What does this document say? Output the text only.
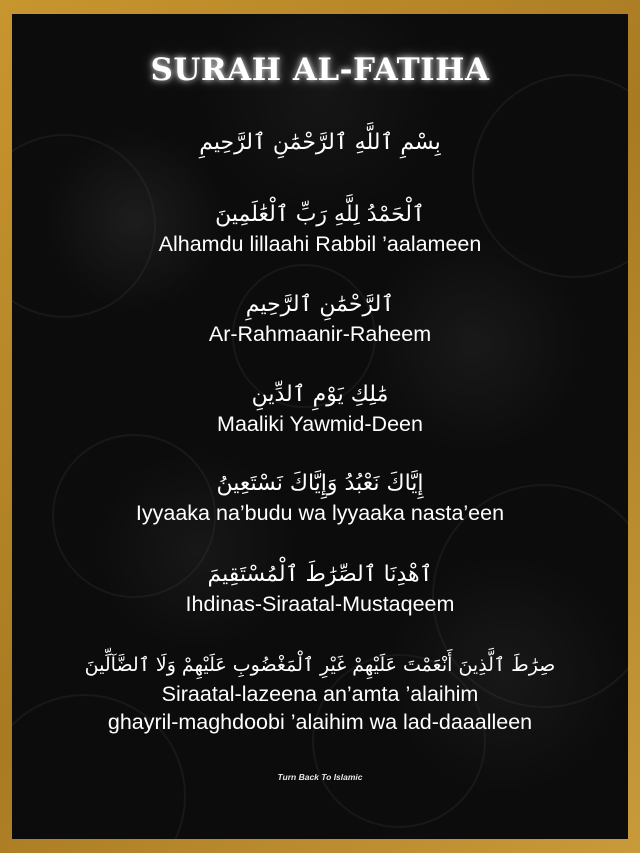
SURAH AL-FATIHA
بِسْمِ ٱللَّهِ ٱلرَّحْمَٰنِ ٱلرَّحِيمِ
ٱلْحَمْدُ لِلَّهِ رَبِّ ٱلْعَٰلَمِينَ
Alhamdu lillaahi Rabbil ’aalameen
ٱلرَّحْمَٰنِ ٱلرَّحِيمِ
Ar-Rahmaanir-Raheem
مَٰلِكِ يَوْمِ ٱلدِّينِ
Maaliki Yawmid-Deen
إِيَّاكَ نَعْبُدُ وَإِيَّاكَ نَسْتَعِينُ
Iyyaaka na’budu wa lyyaaka nasta’een
ٱهْدِنَا ٱلصِّرَٰطَ ٱلْمُسْتَقِيمَ
Ihdinas-Siraatal-Mustaqeem
صِرَٰطَ ٱلَّذِينَ أَنْعَمْتَ عَلَيْهِمْ غَيْرِ ٱلْمَغْضُوبِ عَلَيْهِمْ وَلَا ٱلضَّآلِّينَ
Siraatal-lazeena an’amta ’alaihim
ghayril-maghdoobi ’alaihim wa lad-daaalleen
Turn Back To Islamic
